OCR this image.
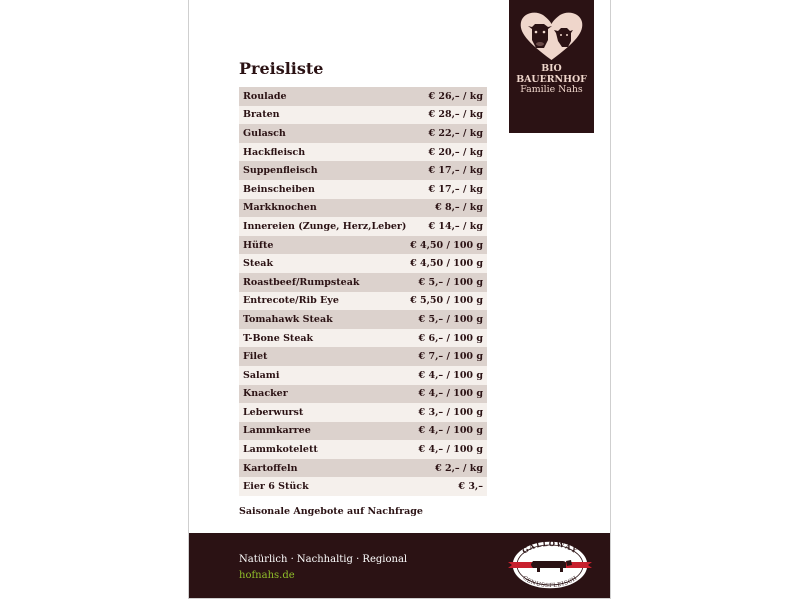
BIO
BAUERNHOF
Familie Nahs
Preisliste
Roulade	€ 26,– / kg
Braten	€ 28,– / kg
Gulasch	€ 22,– / kg
Hackfleisch	€ 20,– / kg
Suppenfleisch	€ 17,– / kg
Beinscheiben	€ 17,– / kg
Markknochen	€ 8,– / kg
Innereien (Zunge, Herz,Leber) € 14,– / kg
Hüfte	€ 4,50 / 100 g
Steak	€ 4,50 / 100 g
Roastbeef/Rumpsteak	€ 5,– / 100 g
Entrecote/Rib Eye	€ 5,50 / 100 g
Tomahawk Steak	€ 5,– / 100 g
T-Bone Steak	€ 6,– / 100 g
Filet	€ 7,– / 100 g
Salami	€ 4,– / 100 g
Knacker	€ 4,– / 100 g
Leberwurst	€ 3,– / 100 g
Lammkarree	€ 4,– / 100 g
Lammkotelett	€ 4,– / 100 g
Kartoffeln	€ 2,– / kg
Eier 6 Stück	€ 3,–
Saisonale Angebote auf Nachfrage
Natürlich · Nachhaltig · Regional
hofnahs.de
GALLOWAY
GENUSSFLEISCH
